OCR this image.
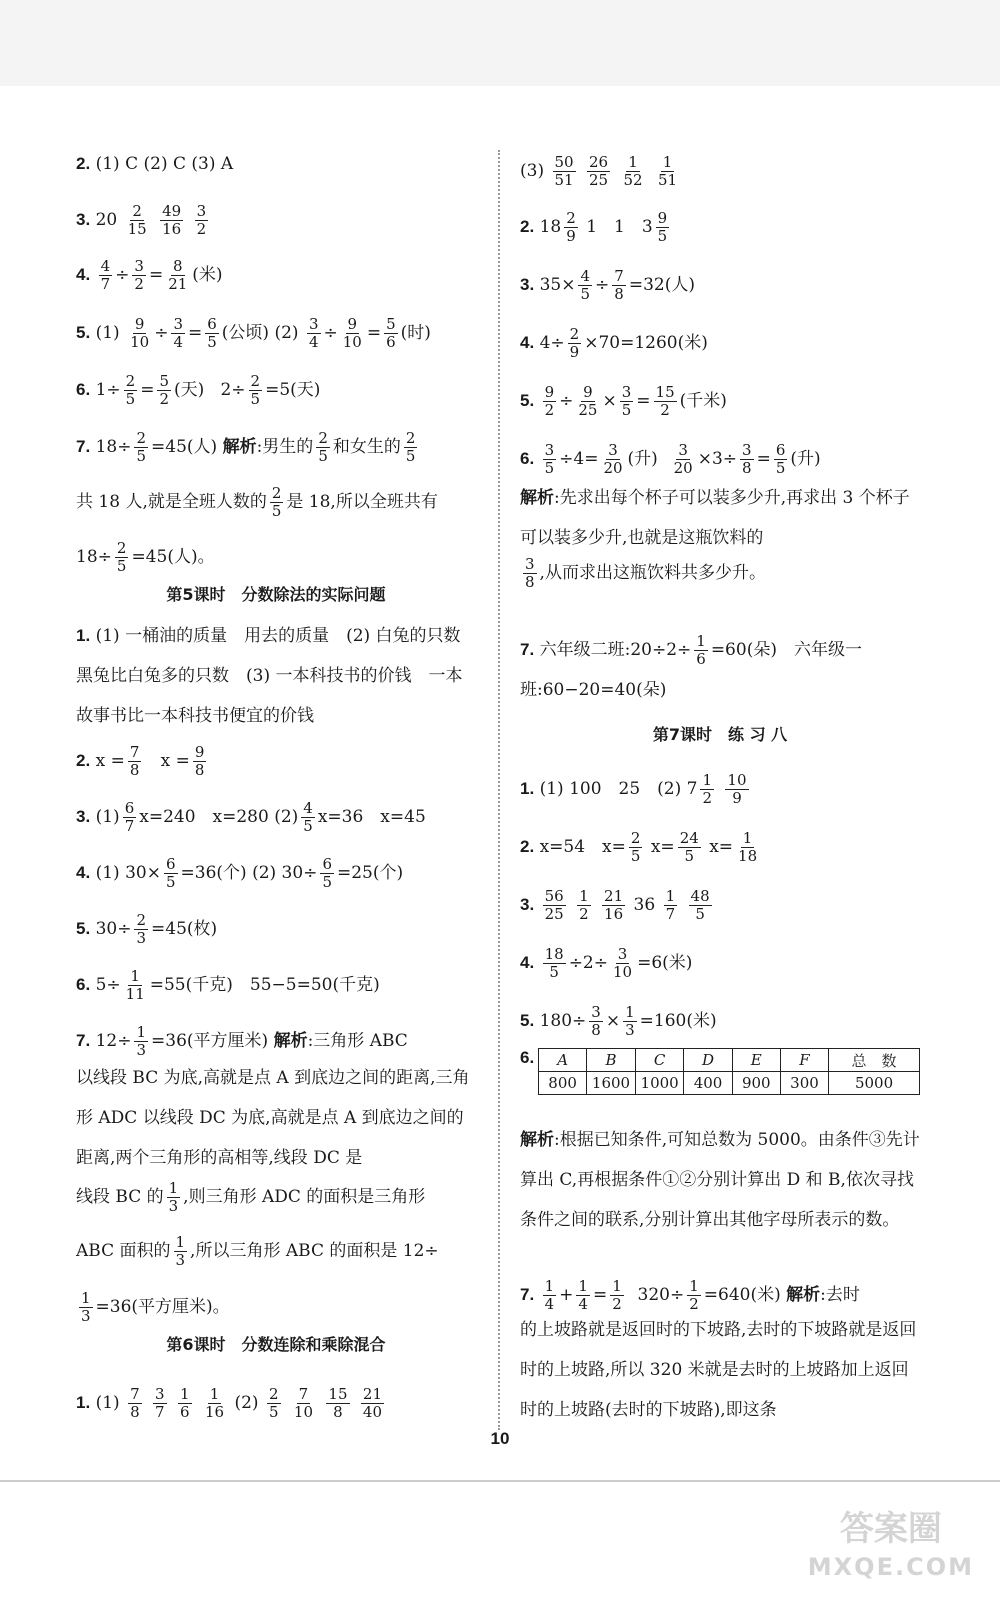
2. (1) C (2) C (3) A
3. $20 \frac{2}{15}$
$\frac{49}{16}$
$\frac{3}{2}$
4. $\frac{4}{7} \div \frac{3}{2} = \frac{8}{21}$ (米)
5. $(1) \frac{9}{10} \div \frac{3}{4} = \frac{6}{5}$ (公顷) $(2) \frac{3}{4} \div \frac{9}{10} = \frac{5}{6}$ (时)
6. $1\div \frac{2}{5} = \frac{5}{2}$ (天) $2\div \frac{2}{5} =5$(天)
7. $18\div \frac{2}{5} =45$(人) 解析:男生的 $\frac{2}{5}$ 和女生的 $\frac{2}{5}$
共 18 人,就是全班人数的 $\frac{2}{5}$ 是 18,所以全班共有
$18\div \frac{2}{5} =45$(人)。
第5课时　分数除法的实际问题
1. (1) 一桶油的质量　用去的质量　(2) 白兔的只数　黑兔比白兔多的只数　(3) 一本科技书的价钱　一本故事书比一本科技书便宜的价钱
2. $x = \frac{7}{8}$ $x = \frac{9}{8}$
3. $(1) \frac{6}{7} x=240$　x=280 $(2) \frac{4}{5} x=36$　x=45
4. (1) $30\times \frac{6}{5} =36$(个) (2) $30\div \frac{6}{5} =25$(个)
5. $30\div \frac{2}{3} =45$(枚)
6. $5\div \frac{1}{11} =55$(千克)　55−5=50(千克)
7. $12\div \frac{1}{3} =36$(平方厘米) 解析:三角形 ABC
以线段 BC 为底,高就是点 A 到底边之间的距离,三角形 ADC 以线段 DC 为底,高就是点 A 到底边之间的距离,两个三角形的高相等,线段 DC 是
线段 BC 的 $\frac{1}{3}$ ,则三角形 ADC 的面积是三角形
ABC 面积的 $\frac{1}{3}$ ,所以三角形 ABC 的面积是 12÷
$\frac{1}{3} =36$(平方厘米)。
第6课时　分数连除和乘除混合
1. $(1) \frac{7}{8}$
$\frac{3}{7}$
$\frac{1}{6}$
$\frac{1}{16} (2) \frac{2}{5}$
$\frac{7}{10}$
$\frac{15}{8}$
$\frac{21}{40}$
$(3) \frac{50}{51}$
$\frac{26}{25}$
$\frac{1}{52}$
$\frac{1}{51}$
2. $18 \frac{2}{9} 1$　1　$3 \frac{9}{5}$
3. $35\times \frac{4}{5} \div \frac{7}{8} =32$(人)
4. $4\div \frac{2}{9} \times 70=1260$(米)
5. $\frac{9}{2} \div \frac{9}{25} \times \frac{3}{5} = \frac{15}{2}$ (千米)
6. $\frac{3}{5} \div 4= \frac{3}{20}$ (升) $\frac{3}{20} \times 3\div \frac{3}{8} = \frac{6}{5}$ (升)
解析:先求出每个杯子可以装多少升,再求出 3 个杯子可以装多少升,也就是这瓶饮料的
$\frac{3}{8}$ ,从而求出这瓶饮料共多少升。
7. 六年级二班:20÷2÷ $\frac{1}{6} =60$(朵)　六年级一班:60−20=40(朵)
第7课时　练 习 八
1. (1) 100　25　(2) $7 \frac{1}{2}$
$\frac{10}{9}$
2. x=54　$x= \frac{2}{5} x= \frac{24}{5} x= \frac{1}{18}$
3. $\frac{56}{25}$
$\frac{1}{2}$
$\frac{21}{16} 36 \frac{1}{7}$
$\frac{48}{5}$
4. $\frac{18}{5} \div 2\div \frac{3}{10} =6$(米)
5. $180\div \frac{3}{8} \times \frac{1}{3} =160$(米)
6. A	B	C	D	E	F	总　数
800	1600	1000	400	900	300	5000
解析:根据已知条件,可知总数为 5000。由条件③先计算出 C,再根据条件①②分别计算出 D 和 B,依次寻找条件之间的联系,分别计算出其他字母所表示的数。
7. $\frac{1}{4} + \frac{1}{4} = \frac{1}{2} 320\div \frac{1}{2} =640$(米) 解析:去时
的上坡路就是返回时的下坡路,去时的下坡路就是返回时的上坡路,所以 320 米就是去时的上坡路加上返回时的上坡路(去时的下坡路),即这条
10
答案圈
MXQE.COM
